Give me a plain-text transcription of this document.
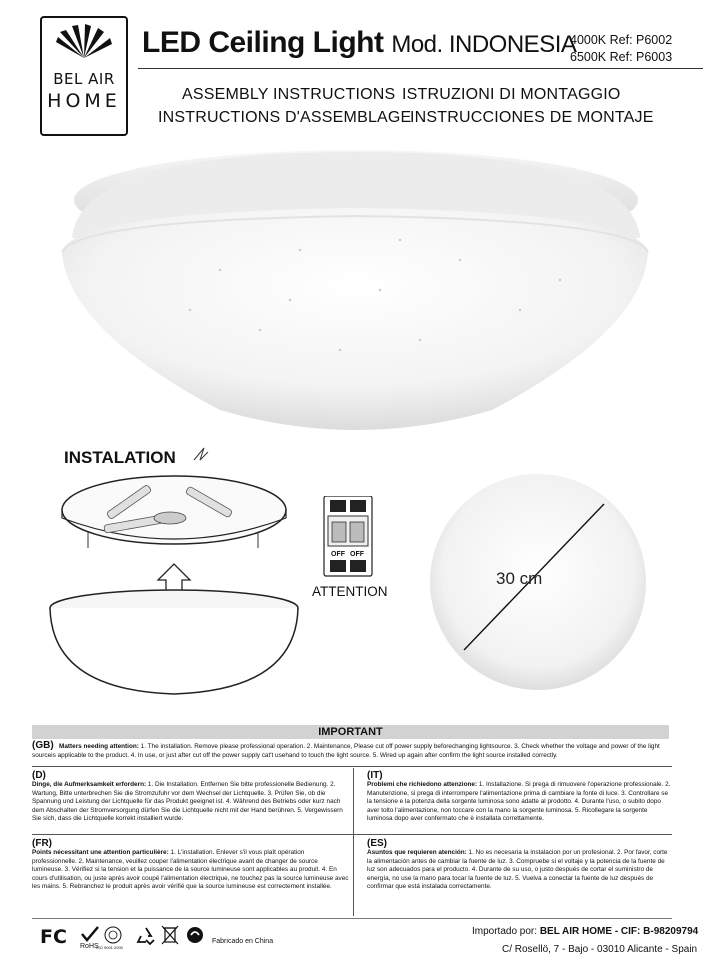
BEL AIR
HOME
LED Ceiling Light Mod. INDONESIA
4000K Ref: P6002
6500K Ref: P6003
ASSEMBLY INSTRUCTIONS ISTRUZIONI DI MONTAGGIO
INSTRUCTIONS D'ASSEMBLAGE
INSTRUCCIONES DE MONTAJE
INSTALATION
OFF OFF
ATTENTION
30 cm
IMPORTANT
(GB) Matters needing attention: 1. The installation. Remove please professional operation. 2. Maintenance, Please cut off power supply beforechanging lightsource. 3. Check whether the voltage and power of the light sourceis applicable to the product. 4. In use, or just after cut off the power supply cat't usehand to touch the light source. 5. Wired up again after confirm the light source installed correctly.
(D)
Dinge, die Aufmerksamkeit erfordern: 1. Die Installation. Entfernen Sie bitte professionelle Bedienung. 2. Wartung, Bitte unterbrechen Sie die Stromzufuhr vor dem Wechsel der Lichtquelle. 3. Prüfen Sie, ob die Spannung und Leistung der Lichtquelle für das Produkt geeignet ist. 4. Während des Betriebs oder kurz nach dem Abschalten der Stromversorgung dürfen Sie die Lichtquelle nicht mit der Hand berühren. 5. Vergewissern Sie sich, dass die Lichtquelle korrekt installiert wurde.
(IT)
Problemi che richiedono attenzione: 1. Installazione. Si prega di rimuovere l'operazione professionale. 2. Manutenzione, si prega di interrompere l'alimentazione prima di cambiare la fonte di luce. 3. Controllare se la tensione e la potenza della sorgente luminosa sono adatte al prodotto. 4. Durante l'uso, o subito dopo aver tolto l'alimentazione, non toccare con la mano la sorgente luminosa. 5. Ricollegare la sorgente luminosa dopo aver confermato che è installata correttamente.
(FR)
Points nécessitant une attention particulière: 1. L'installation. Enlever s'il vous plaît opération professionnelle. 2. Maintenance, veuillez couper l'alimentation électrique avant de changer de source lumineuse. 3. Vérifiez si la tension et la puissance de la source lumineuse sont applicables au produit. 4. En cours d'utilisation, ou juste après avoir coupé l'alimentation électrique, ne touchez pas la source lumineuse avec les mains. 5. Rebranchez le produit après avoir vérifié que la source lumineuse est correctement installée.
(ES)
Asuntos que requieren atención: 1. No es necesaria la instalacion por un profesional. 2. Por favor, corte la alimentación antes de cambiar la fuente de luz. 3. Compruebe si el voltaje y la potencia de la fuente de luz son adecuados para el producto. 4. Durante de su uso, o justo después de cortar el suministro de energía, no use la mano para tocar la fuente de luz. 5. Vuelva a conectar la fuente de luz después de confirmar que está instalada correctamente.
FC RoHS
ISO 9001:2000
Fabricado en China
Importado por: BEL AIR HOME - CIF: B-98209794
C/ Rosellö, 7 - Bajo - 03010 Alicante - Spain
